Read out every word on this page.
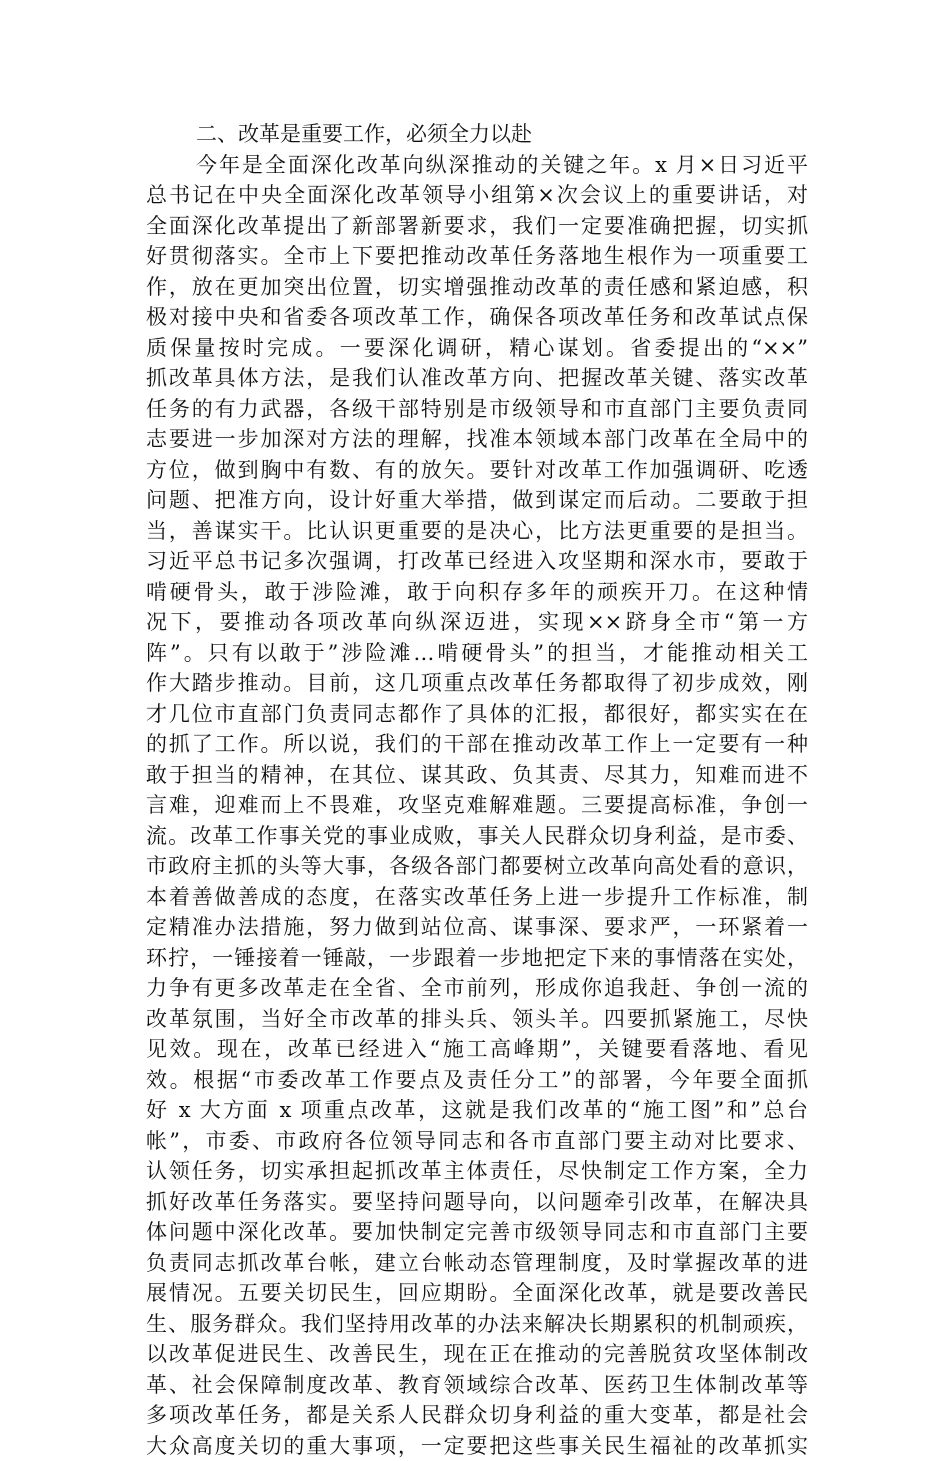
二、改革是重要工作，必须全力以赴
今年是全面深化改革向纵深推动的关键之年。x 月×日习近平
总书记在中央全面深化改革领导小组第×次会议上的重要讲话，对
全面深化改革提出了新部署新要求，我们一定要准确把握，切实抓
好贯彻落实。全市上下要把推动改革任务落地生根作为一项重要工
作，放在更加突出位置，切实增强推动改革的责任感和紧迫感，积
极对接中央和省委各项改革工作，确保各项改革任务和改革试点保
质保量按时完成。一要深化调研，精心谋划。省委提出的“××”
抓改革具体方法，是我们认准改革方向、把握改革关键、落实改革
任务的有力武器，各级干部特别是市级领导和市直部门主要负责同
志要进一步加深对方法的理解，找准本领域本部门改革在全局中的
方位，做到胸中有数、有的放矢。要针对改革工作加强调研、吃透
问题、把准方向，设计好重大举措，做到谋定而后动。二要敢于担
当，善谋实干。比认识更重要的是决心，比方法更重要的是担当。
习近平总书记多次强调，打改革已经进入攻坚期和深水市，要敢于
啃硬骨头，敢于涉险滩，敢于向积存多年的顽疾开刀。在这种情
况下，要推动各项改革向纵深迈进，实现××跻身全市“第一方
阵”。只有以敢于”涉险滩…啃硬骨头”的担当，才能推动相关工
作大踏步推动。目前，这几项重点改革任务都取得了初步成效，刚
才几位市直部门负责同志都作了具体的汇报，都很好，都实实在在
的抓了工作。所以说，我们的干部在推动改革工作上一定要有一种
敢于担当的精神，在其位、谋其政、负其责、尽其力，知难而进不
言难，迎难而上不畏难，攻坚克难解难题。三要提高标准，争创一
流。改革工作事关党的事业成败，事关人民群众切身利益，是市委、
市政府主抓的头等大事，各级各部门都要树立改革向高处看的意识，
本着善做善成的态度，在落实改革任务上进一步提升工作标准，制
定精准办法措施，努力做到站位高、谋事深、要求严，一环紧着一
环拧，一锤接着一锤敲，一步跟着一步地把定下来的事情落在实处，
力争有更多改革走在全省、全市前列，形成你追我赶、争创一流的
改革氛围，当好全市改革的排头兵、领头羊。四要抓紧施工，尽快
见效。现在，改革已经进入“施工高峰期”，关键要看落地、看见
效。根据“市委改革工作要点及责任分工”的部署，今年要全面抓
好 x 大方面 x 项重点改革，这就是我们改革的“施工图”和”总台
帐”，市委、市政府各位领导同志和各市直部门要主动对比要求、
认领任务，切实承担起抓改革主体责任，尽快制定工作方案，全力
抓好改革任务落实。要坚持问题导向，以问题牵引改革，在解决具
体问题中深化改革。要加快制定完善市级领导同志和市直部门主要
负责同志抓改革台帐，建立台帐动态管理制度，及时掌握改革的进
展情况。五要关切民生，回应期盼。全面深化改革，就是要改善民
生、服务群众。我们坚持用改革的办法来解决长期累积的机制顽疾，
以改革促进民生、改善民生，现在正在推动的完善脱贫攻坚体制改
革、社会保障制度改革、教育领域综合改革、医药卫生体制改革等
多项改革任务，都是关系人民群众切身利益的重大变革，都是社会
大众高度关切的重大事项，一定要把这些事关民生福祉的改革抓实
